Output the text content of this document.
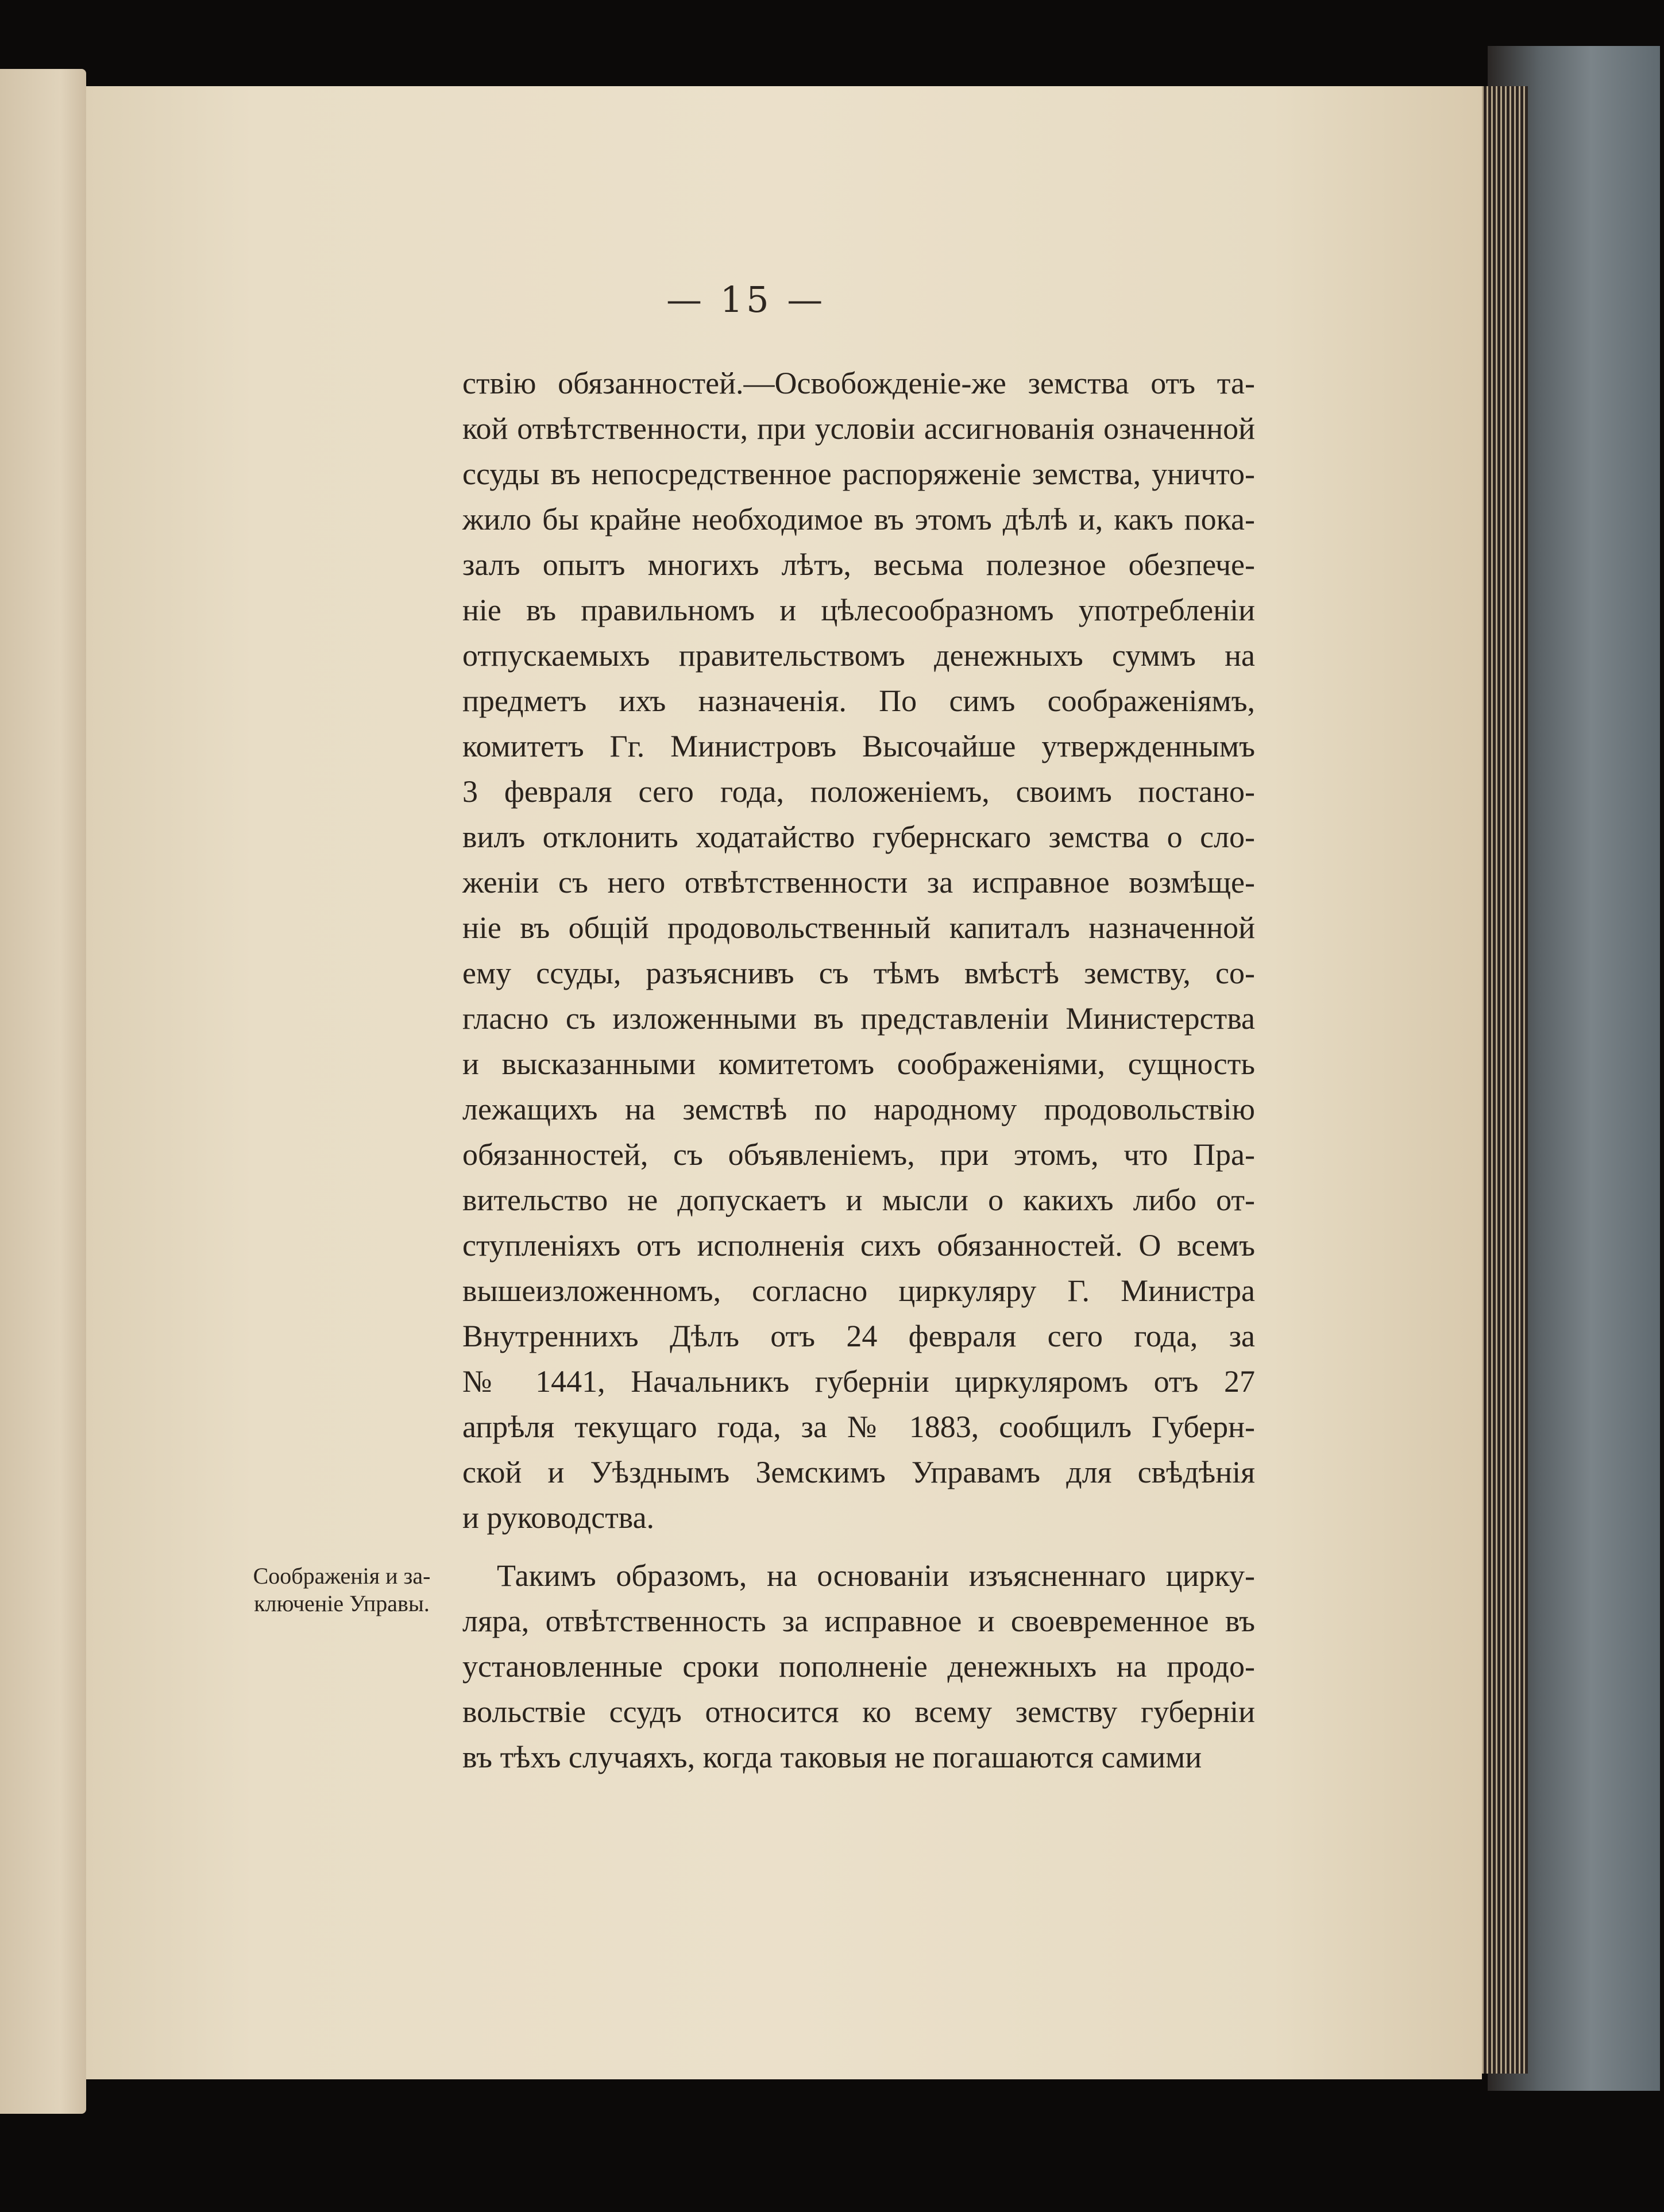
— 15 —
ствію обязанностей.—Освобожденіе-же земства отъ та-
кой отвѣтственности, при условіи ассигнованія означенной
ссуды въ непосредственное распоряженіе земства, уничто-
жило бы крайне необходимое въ этомъ дѣлѣ и, какъ пока-
залъ опытъ многихъ лѣтъ, весьма полезное обезпече-
ніе въ правильномъ и цѣлесообразномъ употребленіи
отпускаемыхъ правительствомъ денежныхъ суммъ на
предметъ ихъ назначенія. По симъ соображеніямъ,
комитетъ Гг. Министровъ Высочайше утвержденнымъ
3 февраля сего года, положеніемъ, своимъ постано-
вилъ отклонить ходатайство губернскаго земства о сло-
женіи съ него отвѣтственности за исправное возмѣще-
ніе въ общій продовольственный капиталъ назначенной
ему ссуды, разъяснивъ съ тѣмъ вмѣстѣ земству, со-
гласно съ изложенными въ представленіи Министерства
и высказанными комитетомъ соображеніями, сущность
лежащихъ на земствѣ по народному продовольствію
обязанностей, съ объявленіемъ, при этомъ, что Пра-
вительство не допускаетъ и мысли о какихъ либо от-
ступленіяхъ отъ исполненія сихъ обязанностей. О всемъ
вышеизложенномъ, согласно циркуляру Г. Министра
Внутреннихъ Дѣлъ отъ 24 февраля сего года, за
№ 1441, Начальникъ губерніи циркуляромъ отъ 27
апрѣля текущаго года, за № 1883, сообщилъ Губерн-
ской и Уѣзднымъ Земскимъ Управамъ для свѣдѣнія
и руководства.
Такимъ образомъ, на основаніи изъясненнаго цирку-
ляра, отвѣтственность за исправное и своевременное въ
установленные сроки пополненіе денежныхъ на продо-
вольствіе ссудъ относится ко всему земству губерніи
въ тѣхъ случаяхъ, когда таковыя не погашаются самими
Соображенія и за-
ключеніе Управы.
